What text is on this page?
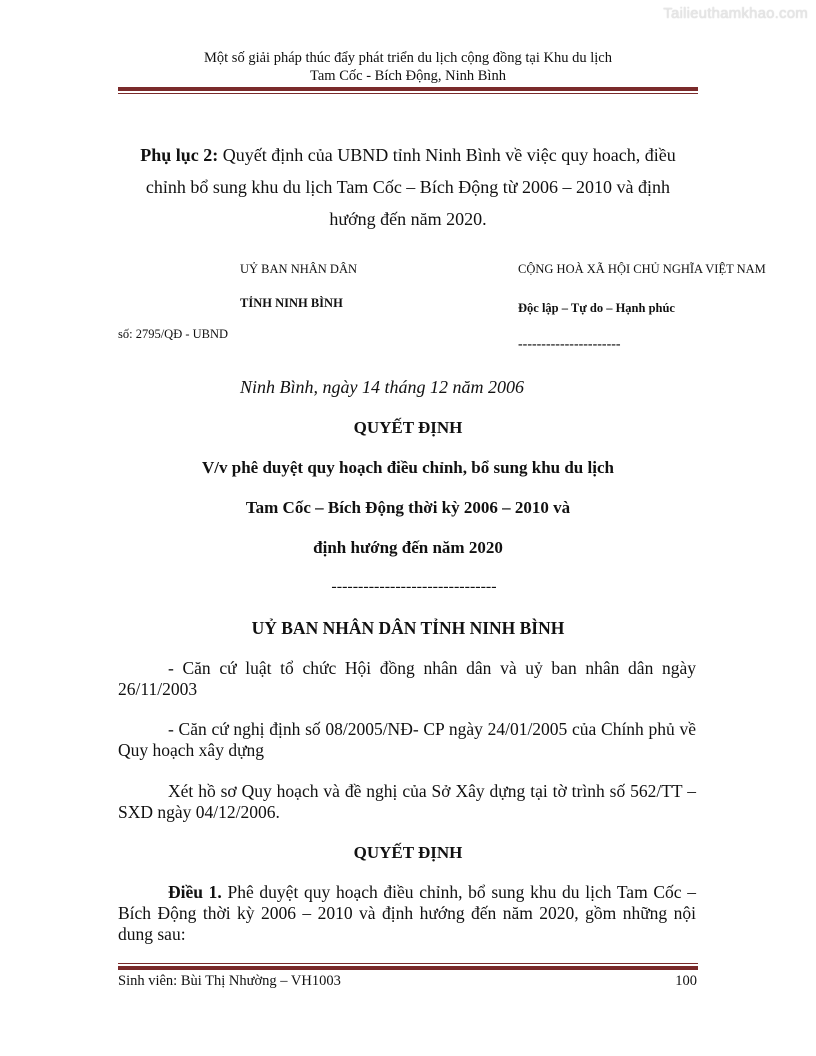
Tailieuthamkhao.com
Một số giải pháp thúc đẩy phát triển du lịch cộng đồng tại Khu du lịch
Tam Cốc - Bích Động, Ninh Bình
Phụ lục 2: Quyết định của UBND tỉnh Ninh Bình về việc quy hoach, điều
chỉnh bổ sung khu du lịch Tam Cốc – Bích Động từ 2006 – 2010 và định
hướng đến năm 2020.
UỶ BAN NHÂN DÂN
TỈNH NINH BÌNH
số: 2795/QĐ - UBND
CỘNG HOÀ XÃ HỘI CHỦ NGHĨA VIỆT NAM
Độc lập – Tự do – Hạnh phúc
----------------------
Ninh Bình, ngày 14 tháng 12 năm 2006
QUYẾT ĐỊNH
V/v phê duyệt quy hoạch điều chỉnh, bổ sung khu du lịch
Tam Cốc – Bích Động thời kỳ 2006 – 2010 và
định hướng đến năm 2020
-------------------------------
UỶ BAN NHÂN DÂN TỈNH NINH BÌNH
- Căn cứ luật tổ chức Hội đồng nhân dân và uỷ ban nhân dân ngày 26/11/2003
- Căn cứ nghị định số 08/2005/NĐ- CP ngày 24/01/2005 của Chính phủ về Quy hoạch xây dựng
Xét hồ sơ Quy hoạch và đề nghị của Sở Xây dựng tại tờ trình số 562/TT – SXD ngày 04/12/2006.
QUYẾT ĐỊNH
Điều 1. Phê duyệt quy hoạch điều chỉnh, bổ sung khu du lịch Tam Cốc – Bích Động thời kỳ 2006 – 2010 và định hướng đến năm 2020, gồm những nội dung sau:
Sinh viên: Bùi Thị Nhường – VH1003	100
